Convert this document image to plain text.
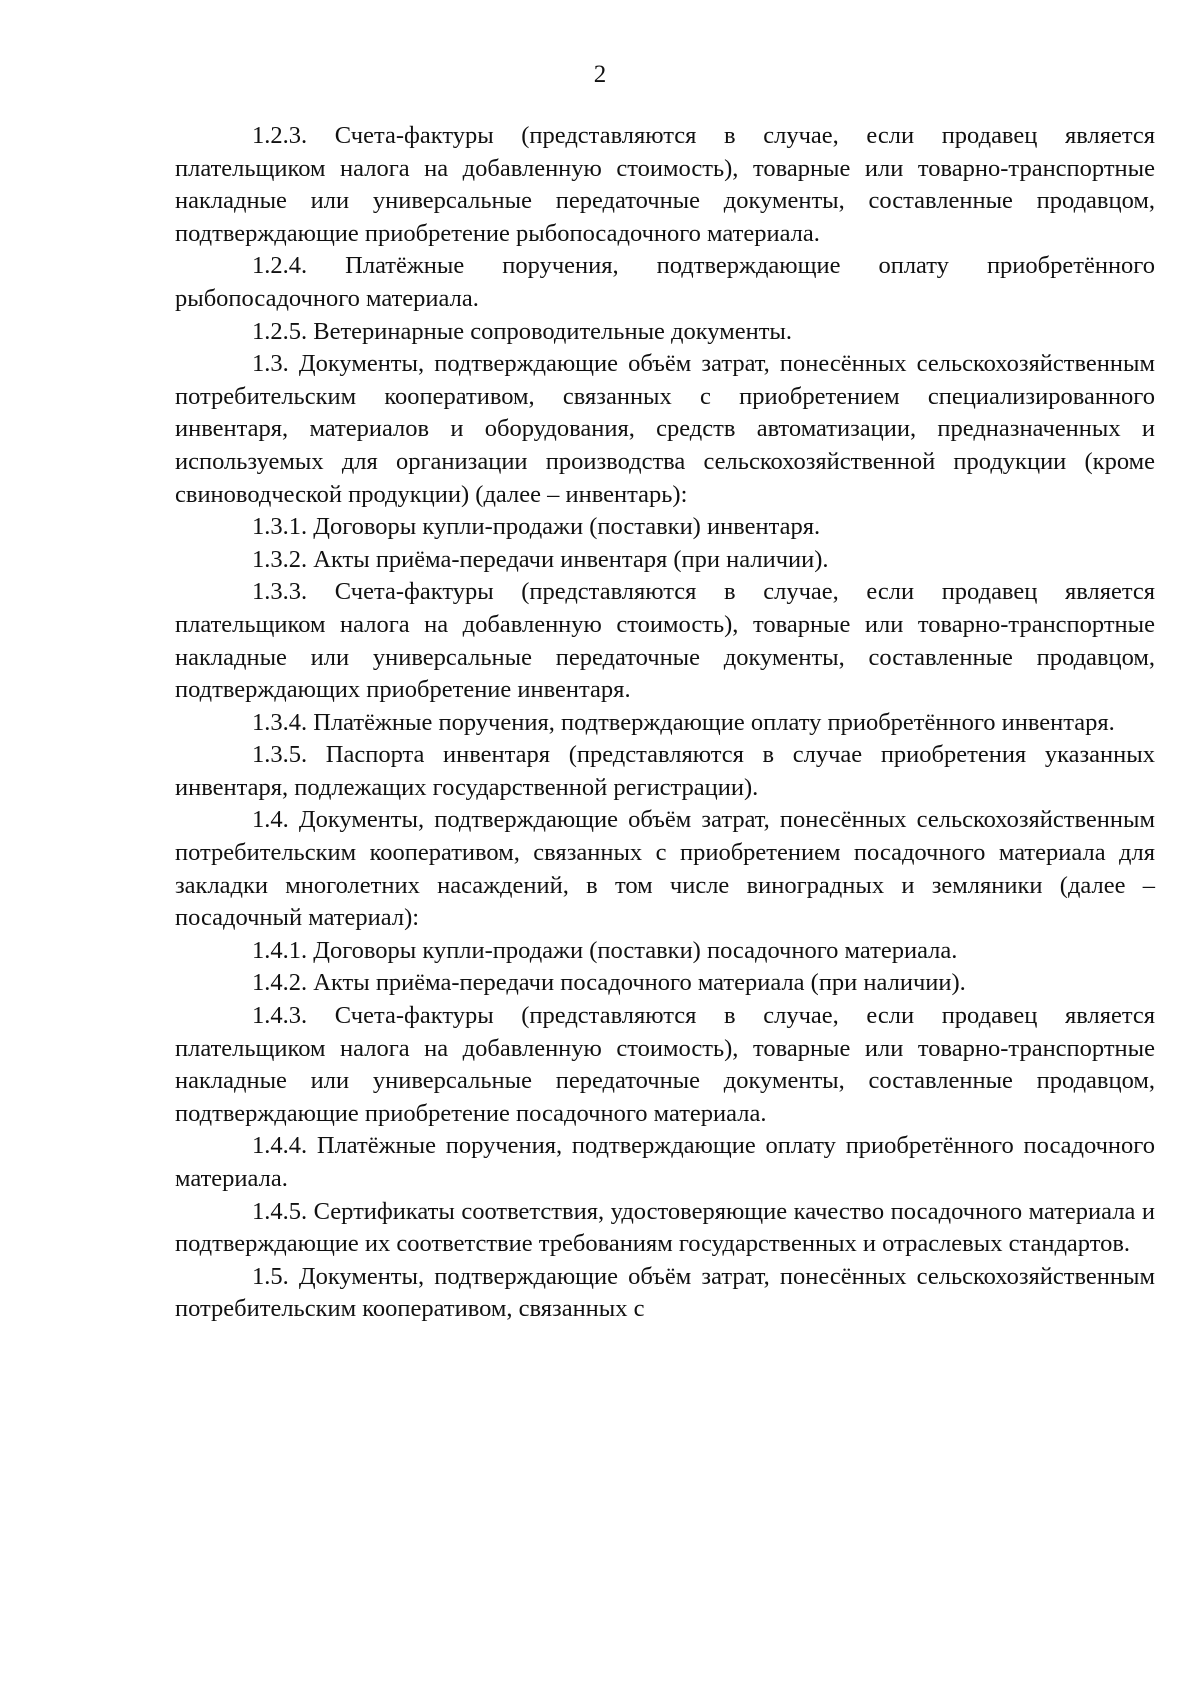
2

1.2.3. Счета-фактуры (представляются в случае, если продавец является плательщиком налога на добавленную стоимость), товарные или товарно-транспортные накладные или универсальные передаточные документы, составленные продавцом, подтверждающие приобретение рыбопосадочного материала.

1.2.4. Платёжные поручения, подтверждающие оплату приобретённого рыбопосадочного материала.

1.2.5. Ветеринарные сопроводительные документы.

1.3. Документы, подтверждающие объём затрат, понесённых сельскохозяйственным потребительским кооперативом, связанных с приобретением специализированного инвентаря, материалов и оборудования, средств автоматизации, предназначенных и используемых для организации производства сельскохозяйственной продукции (кроме свиноводческой продукции) (далее – инвентарь):

1.3.1. Договоры купли-продажи (поставки) инвентаря.

1.3.2. Акты приёма-передачи инвентаря (при наличии).

1.3.3. Счета-фактуры (представляются в случае, если продавец является плательщиком налога на добавленную стоимость), товарные или товарно-транспортные накладные или универсальные передаточные документы, составленные продавцом, подтверждающих приобретение инвентаря.

1.3.4. Платёжные поручения, подтверждающие оплату приобретённого инвентаря.

1.3.5. Паспорта инвентаря (представляются в случае приобретения указанных инвентаря, подлежащих государственной регистрации).

1.4. Документы, подтверждающие объём затрат, понесённых сельскохозяйственным потребительским кооперативом, связанных с приобретением посадочного материала для закладки многолетних насаждений, в том числе виноградных и земляники (далее – посадочный материал):

1.4.1. Договоры купли-продажи (поставки) посадочного материала.

1.4.2. Акты приёма-передачи посадочного материала (при наличии).

1.4.3. Счета-фактуры (представляются в случае, если продавец является плательщиком налога на добавленную стоимость), товарные или товарно-транспортные накладные или универсальные передаточные документы, составленные продавцом, подтверждающие приобретение посадочного материала.

1.4.4. Платёжные поручения, подтверждающие оплату приобретённого посадочного материала.

1.4.5. Сертификаты соответствия, удостоверяющие качество посадочного материала и подтверждающие их соответствие требованиям государственных и отраслевых стандартов.

1.5. Документы, подтверждающие объём затрат, понесённых сельскохозяйственным потребительским кооперативом, связанных с
